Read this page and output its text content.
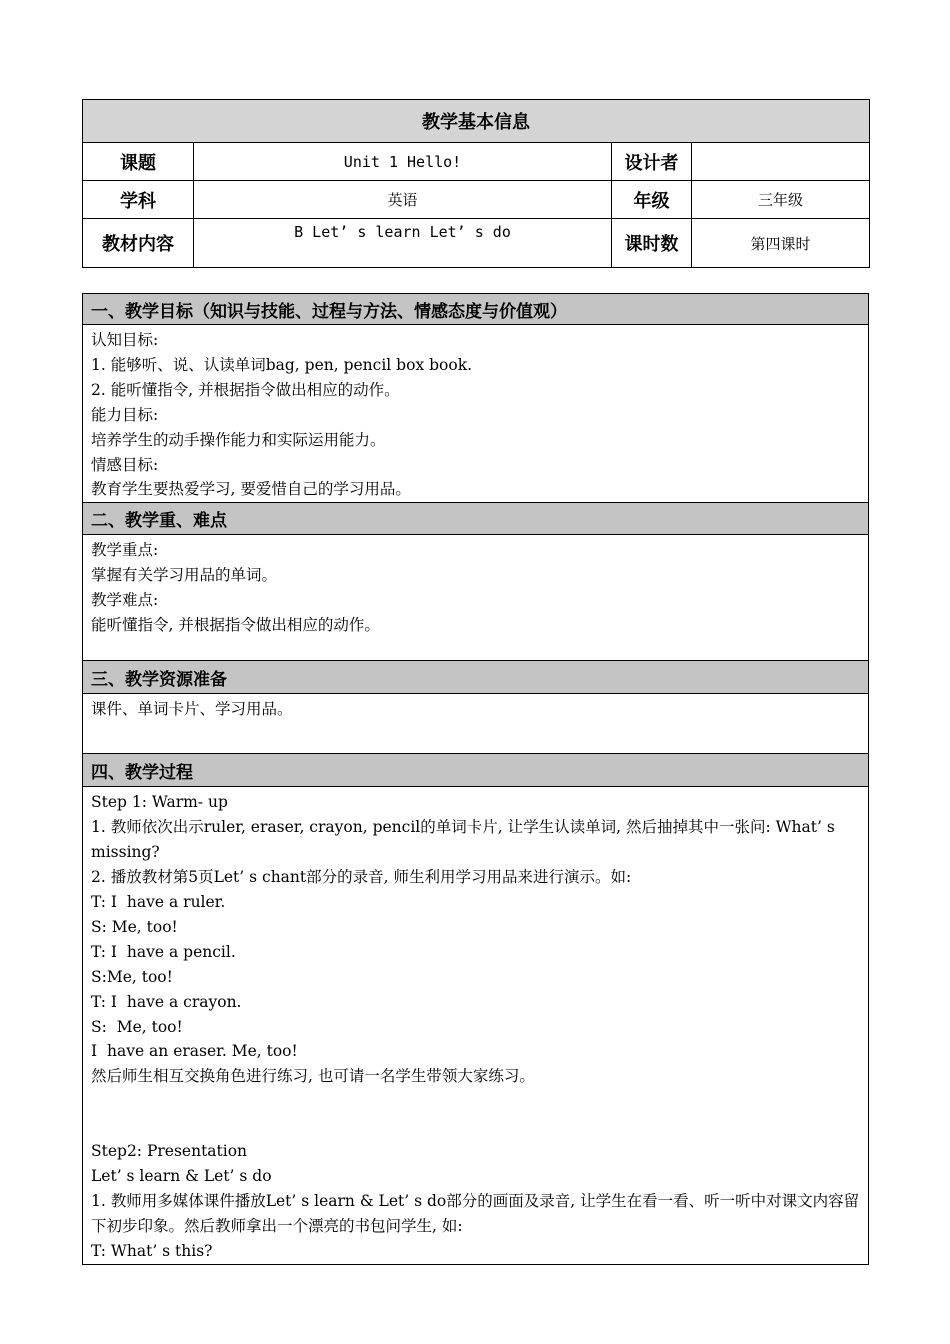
教学基本信息			
课题	Unit 1 Hello!	设计者	
学科	英语	年级	三年级
教材内容	B Let’ s learn Let’ s do	课时数	第四课时
一、教学目标（知识与技能、过程与方法、情感态度与价值观）

认知目标:
1. 能够听、说、认读单词bag, pen, pencil box book.
2. 能听懂指令, 并根据指令做出相应的动作。
能力目标:
培养学生的动手操作能力和实际运用能力。
情感目标:
教育学生要热爱学习, 要爱惜自己的学习用品。

二、教学重、难点

教学重点:
掌握有关学习用品的单词。
教学难点:
能听懂指令, 并根据指令做出相应的动作。

三、教学资源准备

课件、单词卡片、学习用品。

四、教学过程

Step 1: Warm- up
1. 教师依次出示ruler, eraser, crayon, pencil的单词卡片, 让学生认读单词, 然后抽掉其中一张问: What’ s missing?
2. 播放教材第5页Let’ s chant部分的录音, 师生利用学习用品来进行演示。如:
T: I  have a ruler.
S: Me, too!
T: I  have a pencil.
S:Me, too!
T: I  have a crayon.
S:  Me, too!
I  have an eraser. Me, too!
然后师生相互交换角色进行练习, 也可请一名学生带领大家练习。

Step2: Presentation
Let’ s learn & Let’ s do
1. 教师用多媒体课件播放Let’ s learn & Let’ s do部分的画面及录音, 让学生在看一看、听一听中对课文内容留下初步印象。然后教师拿出一个漂亮的书包问学生, 如:
T: What’ s this?
